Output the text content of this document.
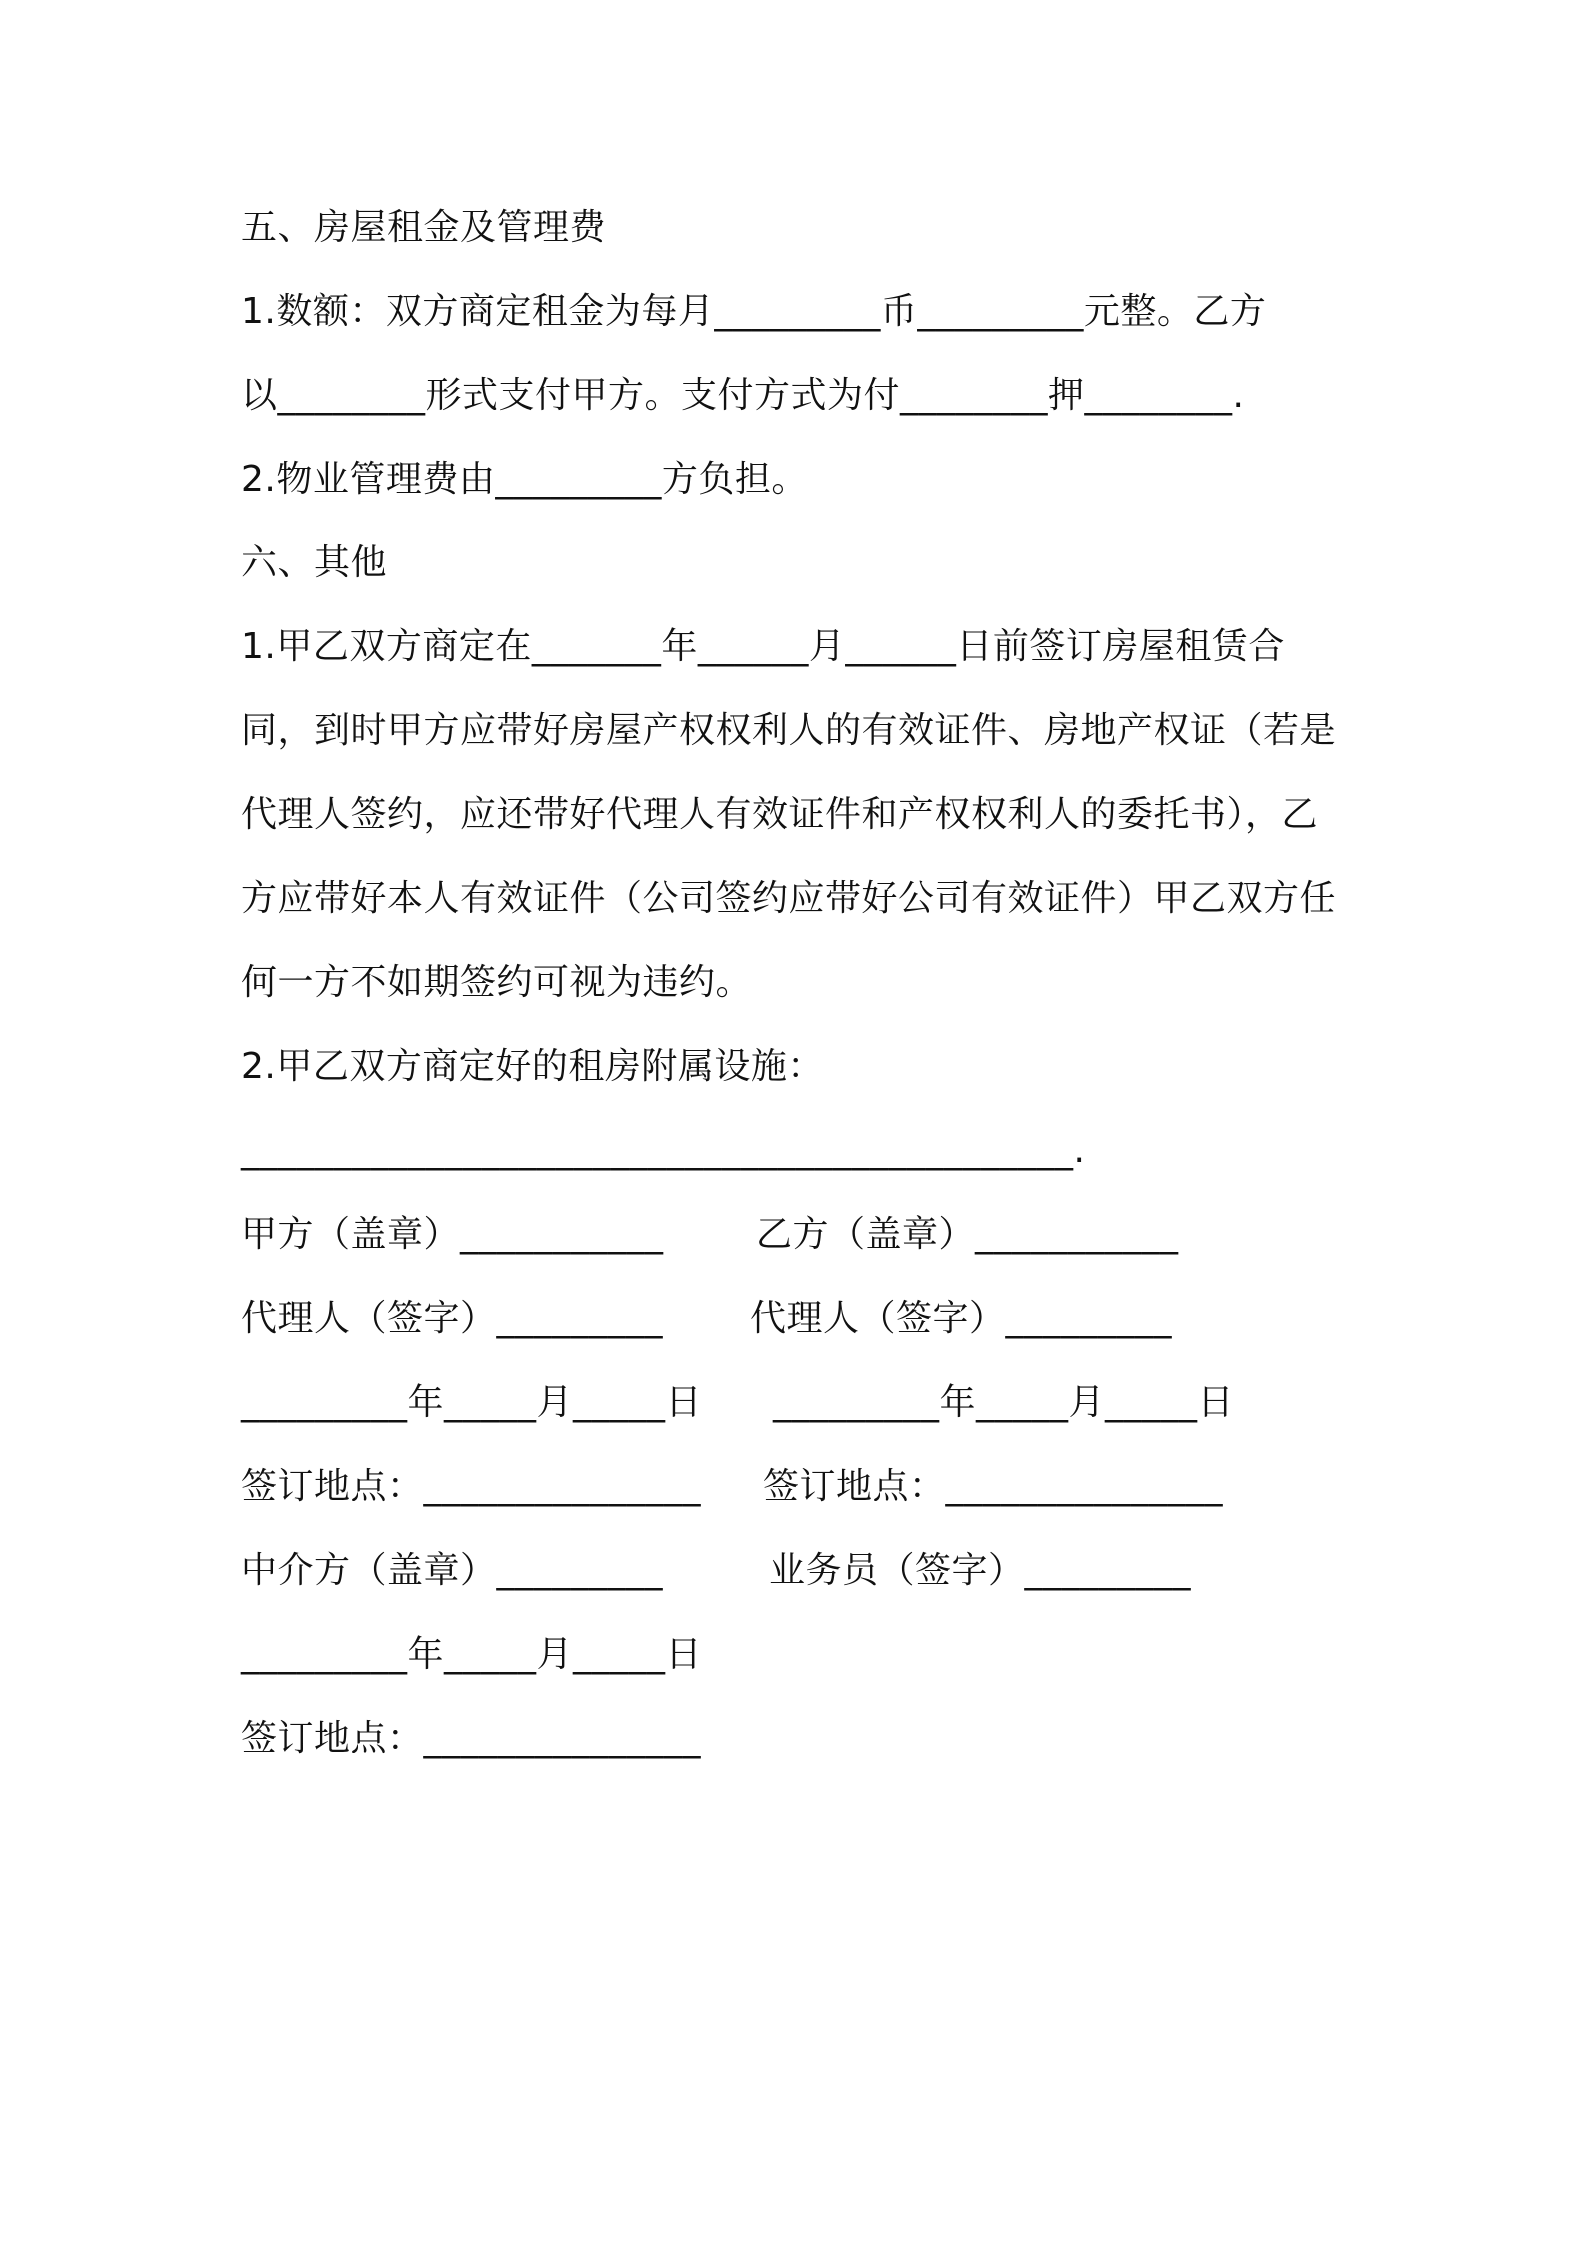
五、房屋租金及管理费

1.数额：双方商定租金为每月_________币_________元整。乙方

以________形式支付甲方。支付方式为付________押________.

2.物业管理费由_________方负担。

六、其他

1.甲乙双方商定在_______年______月______日前签订房屋租赁合

同，到时甲方应带好房屋产权权利人的有效证件、房地产权证（若是

代理人签约，应还带好代理人有效证件和产权权利人的委托书），乙

方应带好本人有效证件（公司签约应带好公司有效证件）甲乙双方任

何一方不如期签约可视为违约。

2.甲乙双方商定好的租房附属设施：

_____________________________________________.

甲方（盖章）___________	乙方（盖章）___________

代理人（签字）_________ 代理人（签字）_________

_________年_____月_____日 _________年_____月_____日

签订地点：_______________ 签订地点：_______________

中介方（盖章）_________	业务员（签字）_________

_________年_____月_____日

签订地点：_______________
